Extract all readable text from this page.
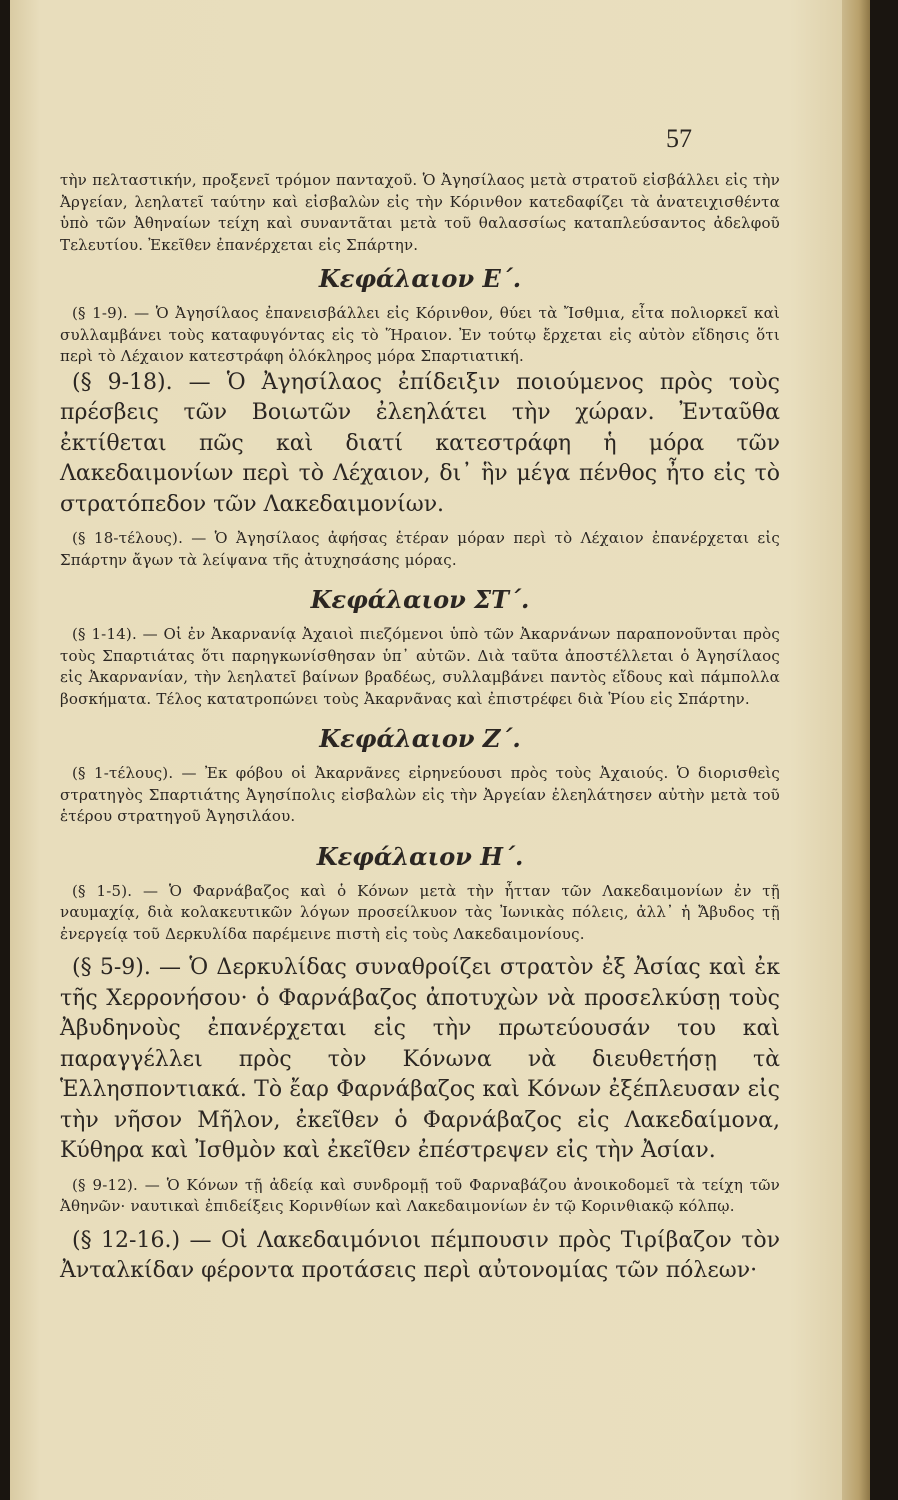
57

τὴν πελταστικήν, προξενεῖ τρόμον πανταχοῦ. Ὁ Ἀγησίλαος μετὰ στρατοῦ εἰσβάλλει εἰς τὴν Ἀργείαν, λεηλατεῖ ταύτην καὶ εἰσβαλὼν εἰς τὴν Κόρινθον κατεδαφίζει τὰ ἀνατειχισθέντα ὑπὸ τῶν Ἀθηναίων τείχη καὶ συναντᾶται μετὰ τοῦ θαλασσίως καταπλεύσαντος ἀδελφοῦ Τελευτίου. Ἐκεῖθεν ἐπανέρχεται εἰς Σπάρτην.

Κεφάλαιον Ε΄.

(§ 1-9). — Ὁ Ἀγησίλαος ἐπανεισβάλλει εἰς Κόρινθον, θύει τὰ Ἴσθμια, εἶτα πολιορκεῖ καὶ συλλαμβάνει τοὺς καταφυγόντας εἰς τὸ Ἥραιον. Ἐν τούτῳ ἔρχεται εἰς αὐτὸν εἴδησις ὅτι περὶ τὸ Λέχαιον κατεστράφη ὁλόκληρος μόρα Σπαρτιατική.

(§ 9-18). — Ὁ Ἀγησίλαος ἐπίδειξιν ποιούμενος πρὸς τοὺς πρέσβεις τῶν Βοιωτῶν ἐλεηλάτει τὴν χώραν. Ἐνταῦθα ἐκτίθεται πῶς καὶ διατί κατεστράφη ἡ μόρα τῶν Λακεδαιμονίων περὶ τὸ Λέχαιον, δι᾽ ἣν μέγα πένθος ἦτο εἰς τὸ στρατόπεδον τῶν Λακεδαιμονίων.

(§ 18-τέλους). — Ὁ Ἀγησίλαος ἀφήσας ἑτέραν μόραν περὶ τὸ Λέχαιον ἐπανέρχεται εἰς Σπάρτην ἄγων τὰ λείψανα τῆς ἀτυχησάσης μόρας.

Κεφάλαιον ΣΤ΄.

(§ 1-14). — Οἱ ἐν Ἀκαρνανίᾳ Ἀχαιοὶ πιεζόμενοι ὑπὸ τῶν Ἀκαρνάνων παραπονοῦνται πρὸς τοὺς Σπαρτιάτας ὅτι παρηγκωνίσθησαν ὑπ᾽ αὐτῶν. Διὰ ταῦτα ἀποστέλλεται ὁ Ἀγησίλαος εἰς Ἀκαρνανίαν, τὴν λεηλατεῖ βαίνων βραδέως, συλλαμβάνει παντὸς εἴδους καὶ πάμπολλα βοσκήματα. Τέλος κατατροπώνει τοὺς Ἀκαρνᾶνας καὶ ἐπιστρέφει διὰ Ῥίου εἰς Σπάρτην.

Κεφάλαιον Ζ΄.

(§ 1-τέλους). — Ἐκ φόβου οἱ Ἀκαρνᾶνες εἰρηνεύουσι πρὸς τοὺς Ἀχαιούς. Ὁ διορισθεὶς στρατηγὸς Σπαρτιάτης Ἀγησίπολις εἰσβαλὼν εἰς τὴν Ἀργείαν ἐλεηλάτησεν αὐτὴν μετὰ τοῦ ἑτέρου στρατηγοῦ Ἀγησιλάου.

Κεφάλαιον Η΄.

(§ 1-5). — Ὁ Φαρνάβαζος καὶ ὁ Κόνων μετὰ τὴν ἧτταν τῶν Λακεδαιμονίων ἐν τῇ ναυμαχίᾳ, διὰ κολακευτικῶν λόγων προσείλκυον τὰς Ἰωνικὰς πόλεις, ἀλλ᾽ ἡ Ἄβυδος τῇ ἐνεργείᾳ τοῦ Δερκυλίδα παρέμεινε πιστὴ εἰς τοὺς Λακεδαιμονίους.

(§ 5-9). — Ὁ Δερκυλίδας συναθροίζει στρατὸν ἐξ Ἀσίας καὶ ἐκ τῆς Χερρονήσου· ὁ Φαρνάβαζος ἀποτυχὼν νὰ προσελκύσῃ τοὺς Ἀβυδηνοὺς ἐπανέρχεται εἰς τὴν πρωτεύουσάν του καὶ παραγγέλλει πρὸς τὸν Κόνωνα νὰ διευθετήσῃ τὰ Ἑλλησποντιακά. Τὸ ἔαρ Φαρνάβαζος καὶ Κόνων ἐξέπλευσαν εἰς τὴν νῆσον Μῆλον, ἐκεῖθεν ὁ Φαρνάβαζος εἰς Λακεδαίμονα, Κύθηρα καὶ Ἰσθμὸν καὶ ἐκεῖθεν ἐπέστρεψεν εἰς τὴν Ἀσίαν.

(§ 9-12). — Ὁ Κόνων τῇ ἀδείᾳ καὶ συνδρομῇ τοῦ Φαρναβάζου ἀνοικοδομεῖ τὰ τείχη τῶν Ἀθηνῶν· ναυτικαὶ ἐπιδείξεις Κορινθίων καὶ Λακεδαιμονίων ἐν τῷ Κορινθιακῷ κόλπῳ.

(§ 12-16.) — Οἱ Λακεδαιμόνιοι πέμπουσιν πρὸς Τιρίβαζον τὸν Ἀνταλκίδαν φέροντα προτάσεις περὶ αὐτονομίας τῶν πόλεων·
